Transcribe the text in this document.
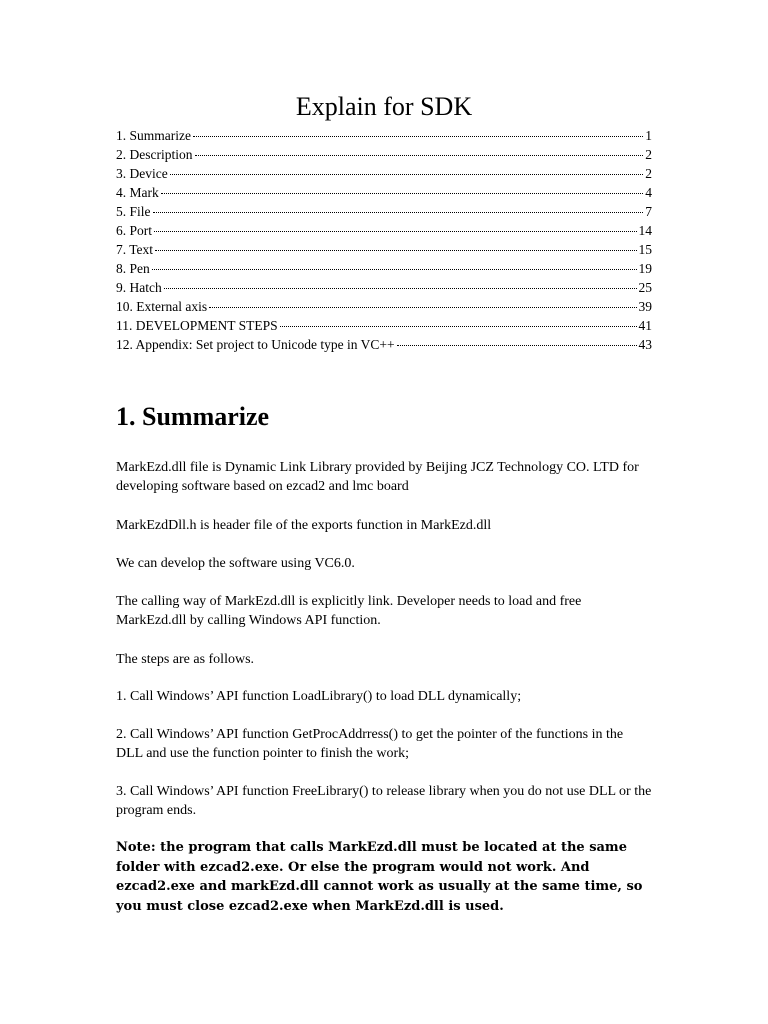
Explain for SDK
1. Summarize	1
2. Description	2
3. Device	2
4. Mark	4
5. File	7
6. Port	14
7. Text	15
8. Pen	19
9. Hatch	25
10. External axis	39
11. DEVELOPMENT STEPS	41
12. Appendix: Set project to Unicode type in VC++	43
1. Summarize

MarkEzd.dll file is Dynamic Link Library provided by Beijing JCZ Technology CO. LTD for developing software based on ezcad2 and lmc board

MarkEzdDll.h is header file of the exports function in MarkEzd.dll

We can develop the software using VC6.0.

The calling way of MarkEzd.dll is explicitly link. Developer needs to load and free MarkEzd.dll by calling Windows API function.

The steps are as follows.

1. Call Windows’ API function LoadLibrary() to load DLL dynamically;

2. Call Windows’ API function GetProcAddrress() to get the pointer of the functions in the DLL and use the function pointer to finish the work;

3. Call Windows’ API function FreeLibrary() to release library when you do not use DLL or the program ends.

Note: the program that calls MarkEzd.dll must be located at the same folder with ezcad2.exe. Or else the program would not work. And ezcad2.exe and markEzd.dll cannot work as usually at the same time, so you must close ezcad2.exe when MarkEzd.dll is used.
